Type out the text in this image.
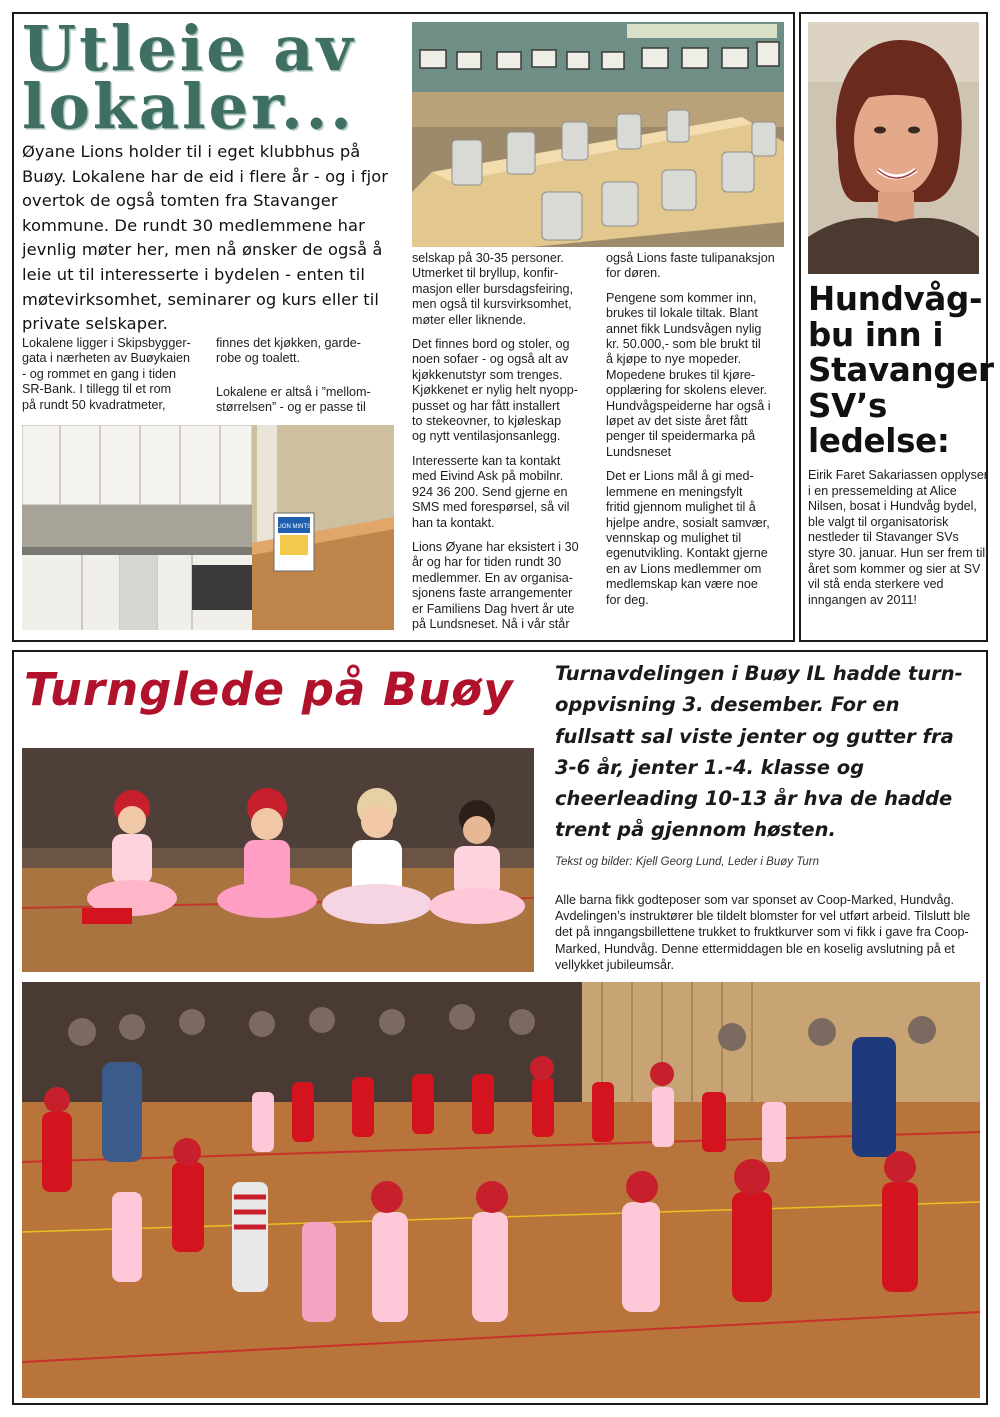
Utleie av
lokaler...

Øyane Lions holder til i eget klubbhus på Buøy. Lokalene har de eid i flere år - og i fjor overtok de også tomten fra Stavanger kommune. De rundt 30 medlemmene har jevnlig møter her, men nå ønsker de også å leie ut til interesserte i bydelen - enten til møtevirksomhet, seminarer og kurs eller til private selskaper.

LION MINTS

Lokalene ligger i Skipsbygger-
gata i nærheten av Buøykaien
- og rommet en gang i tiden
SR-Bank. I tillegg til et rom
på rundt 50 kvadratmeter,

finnes det kjøkken, garde-
robe og toalett.

Lokalene er altså i ”mellom-
størrelsen” - og er passe til

selskap på 30-35 personer.
Utmerket til bryllup, konfir-
masjon eller bursdagsfeiring,
men også til kursvirksomhet,
møter eller liknende.

Det finnes bord og stoler, og
noen sofaer - og også alt av
kjøkkenutstyr som trenges.
Kjøkkenet er nylig helt nyopp-
pusset og har fått installert
to stekeovner, to kjøleskap
og nytt ventilasjonsanlegg.

Interesserte kan ta kontakt
med Eivind Ask på mobilnr.
924 36 200. Send gjerne en
SMS med forespørsel, så vil
han ta kontakt.

Lions Øyane har eksistert i 30
år og har for tiden rundt 30
medlemmer. En av organisa-
sjonens faste arrangementer
er Familiens Dag hvert år ute
på Lundsneset. Nå i vår står

også Lions faste tulipanaksjon
for døren.

Pengene som kommer inn,
brukes til lokale tiltak. Blant
annet fikk Lundsvågen nylig
kr. 50.000,- som ble brukt til
å kjøpe to nye mopeder.
Mopedene brukes til kjøre-
opplæring for skolens elever.
Hundvågspeiderne har også i
løpet av det siste året fått
penger til speidermarka på
Lundsneset

Det er Lions mål å gi med-
lemmene en meningsfylt
fritid gjennom mulighet til å
hjelpe andre, sosialt samvær,
vennskap og mulighet til
egenutvikling. Kontakt gjerne
en av Lions medlemmer om
medlemskap kan være noe
for deg.

Hundvåg-
bu inn i
Stavanger
SV’s
ledelse:

Eirik Faret Sakariassen opplyser i en pressemelding at Alice Nilsen, bosat i Hundvåg bydel, ble valgt til organisatorisk nestleder til Stavanger SVs styre 30. januar. Hun ser frem til året som kommer og sier at SV vil stå enda sterkere ved inngangen av 2011!

Turnglede på Buøy Turnavdelingen i Buøy IL hadde turn-oppvisning 3. desember. For en fullsatt sal viste jenter og gutter fra 3-6 år, jenter 1.-4. klasse og cheerleading 10-13 år hva de hadde trent på gjennom høsten.

Tekst og bilder: Kjell Georg Lund, Leder i Buøy Turn

Alle barna fikk godteposer som var sponset av Coop-Marked, Hundvåg. Avdelingen’s instruktører ble tildelt blomster for vel utført arbeid. Tilslutt ble det på inngangsbillettene trukket to fruktkurver som vi fikk i gave fra Coop-Marked, Hundvåg. Denne ettermiddagen ble en koselig avslutning på et vellykket jubileumsår.
